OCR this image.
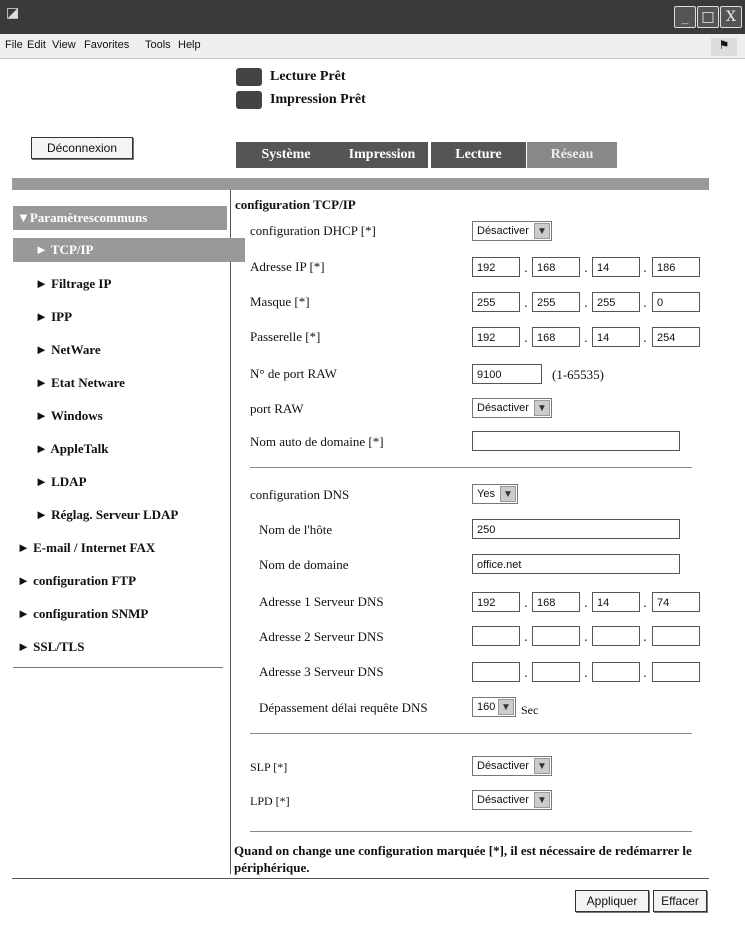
◪	_ □ X
File Edit View Favorites Tools Help	⚑
Lecture Prêt
Impression Prêt
Déconnexion	Système	Impression	Lecture	Réseau
▼Paramètrescommuns
► TCP/IP
► Filtrage IP
► IPP
► NetWare
► Etat Netware
► Windows
► AppleTalk
► LDAP
► Réglag. Serveur LDAP
► E-mail / Internet FAX
► configuration FTP
► configuration SNMP
► SSL/TLS
configuration TCP/IP
configuration DHCP [*]	Désactiver ▼
Adresse IP [*]	192	. 168	. 14	. 186
Masque [*]	255	. 255	. 255	. 0
Passerelle [*]	192	. 168	. 14	. 254
N° de port RAW	9100	(1-65535)
port RAW	Désactiver ▼
Nom auto de domaine [*]
configuration DNS	Yes ▼
Nom de l'hôte	250
Nom de domaine	office.net
Adresse 1 Serveur DNS	192	. 168	. 14	. 74
Adresse 2 Serveur DNS	.	.	.
Adresse 3 Serveur DNS	.	.	.
Dépassement délai requête DNS	160 ▼ Sec
SLP [*]	Désactiver ▼
LPD [*]	Désactiver ▼
Quand on change une configuration marquée [*], il est nécessaire de redémarrer le périphérique.
Appliquer	Effacer
